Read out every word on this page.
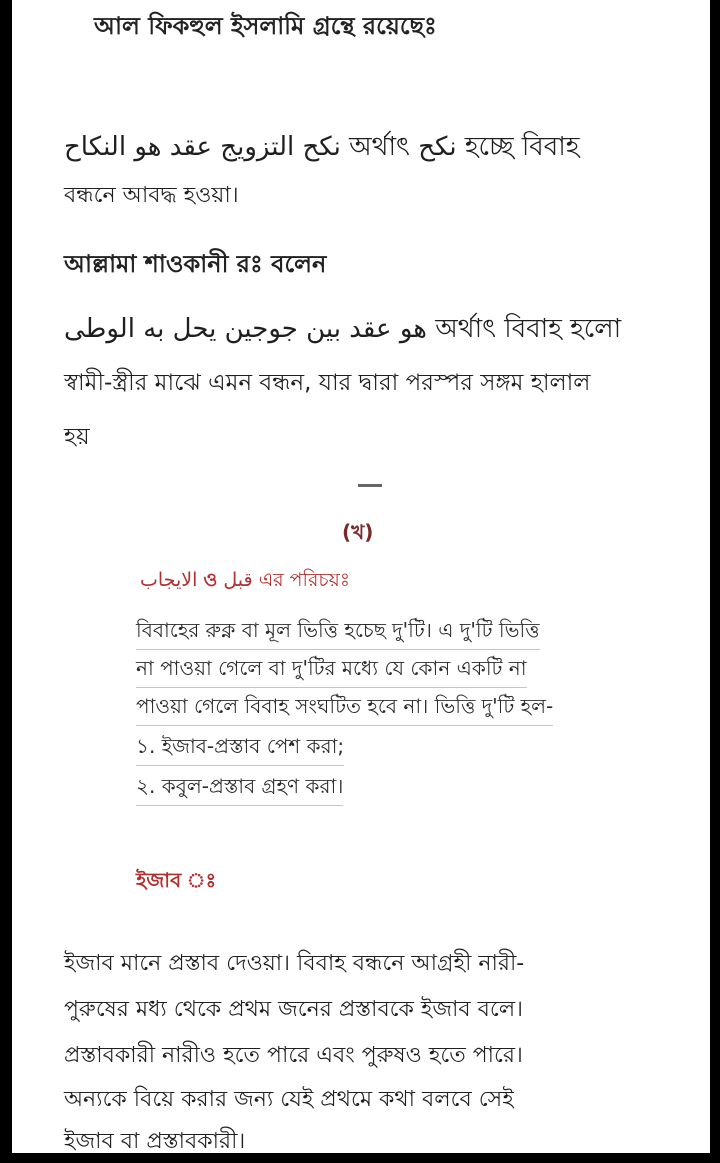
আল ফিকহুল ইসলামি গ্রন্থে রয়েছেঃ

نكح التزويج عقد هو النكاح অর্থাৎ نكح হচ্ছে বিবাহ

বন্ধনে আবদ্ধ হওয়া।

আল্লামা শাওকানী রঃ বলেন

هو عقد بين جوجين يحل به الوطى অর্থাৎ বিবাহ হলো

স্বামী-স্ত্রীর মাঝে এমন বন্ধন, যার দ্বারা পরস্পর সঙ্গম হালাল

হয়

(খ)

الايجاب ও قبل এর পরিচয়ঃ

বিবাহের রুক্ন বা মূল ভিত্তি হচেছ দু'টি। এ দু'টি ভিত্তি

না পাওয়া গেলে বা দু'টির মধ্যে যে কোন একটি না

পাওয়া গেলে বিবাহ সংঘটিত হবে না। ভিত্তি দু'টি হল-

১. ইজাব-প্রস্তাব পেশ করা;

২. কবুল-প্রস্তাব গ্রহণ করা।

ইজাব ঃ

ইজাব মানে প্রস্তাব দেওয়া। বিবাহ বন্ধনে আগ্রহী নারী-

পুরুষের মধ্য থেকে প্রথম জনের প্রস্তাবকে ইজাব বলে।

প্রস্তাবকারী নারীও হতে পারে এবং পুরুষও হতে পারে।

অন্যকে বিয়ে করার জন্য যেই প্রথমে কথা বলবে সেই

ইজাব বা প্রস্তাবকারী।
